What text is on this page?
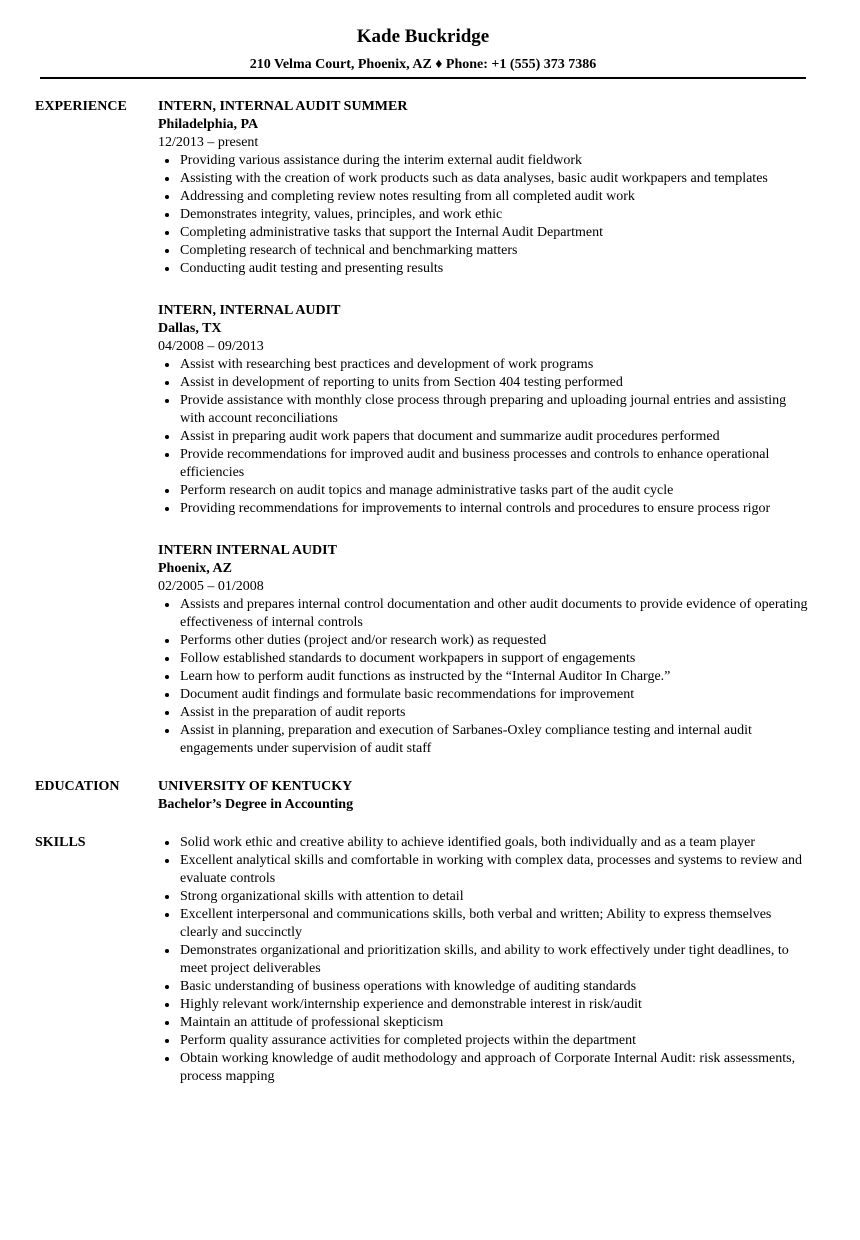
Kade Buckridge
210 Velma Court, Phoenix, AZ ♦ Phone: +1 (555) 373 7386
EXPERIENCE	INTERN, INTERNAL AUDIT SUMMER
Philadelphia, PA
12/2013 – present
Providing various assistance during the interim external audit fieldwork
Assisting with the creation of work products such as data analyses, basic audit workpapers and templates
Addressing and completing review notes resulting from all completed audit work
Demonstrates integrity, values, principles, and work ethic
Completing administrative tasks that support the Internal Audit Department
Completing research of technical and benchmarking matters
Conducting audit testing and presenting results
INTERN, INTERNAL AUDIT
Dallas, TX
04/2008 – 09/2013
Assist with researching best practices and development of work programs
Assist in development of reporting to units from Section 404 testing performed
Provide assistance with monthly close process through preparing and uploading journal entries and assisting with account reconciliations
Assist in preparing audit work papers that document and summarize audit procedures performed
Provide recommendations for improved audit and business processes and controls to enhance operational efficiencies
Perform research on audit topics and manage administrative tasks part of the audit cycle
Providing recommendations for improvements to internal controls and procedures to ensure process rigor
INTERN INTERNAL AUDIT
Phoenix, AZ
02/2005 – 01/2008
Assists and prepares internal control documentation and other audit documents to provide evidence of operating effectiveness of internal controls
Performs other duties (project and/or research work) as requested
Follow established standards to document workpapers in support of engagements
Learn how to perform audit functions as instructed by the “Internal Auditor In Charge.”
Document audit findings and formulate basic recommendations for improvement
Assist in the preparation of audit reports
Assist in planning, preparation and execution of Sarbanes-Oxley compliance testing and internal audit engagements under supervision of audit staff
EDUCATION	UNIVERSITY OF KENTUCKY
Bachelor’s Degree in Accounting
SKILLS	Solid work ethic and creative ability to achieve identified goals, both individually and as a team player
Excellent analytical skills and comfortable in working with complex data, processes and systems to review and evaluate controls
Strong organizational skills with attention to detail
Excellent interpersonal and communications skills, both verbal and written; Ability to express themselves clearly and succinctly
Demonstrates organizational and prioritization skills, and ability to work effectively under tight deadlines, to meet project deliverables
Basic understanding of business operations with knowledge of auditing standards
Highly relevant work/internship experience and demonstrable interest in risk/audit
Maintain an attitude of professional skepticism
Perform quality assurance activities for completed projects within the department
Obtain working knowledge of audit methodology and approach of Corporate Internal Audit: risk assessments, process mapping
